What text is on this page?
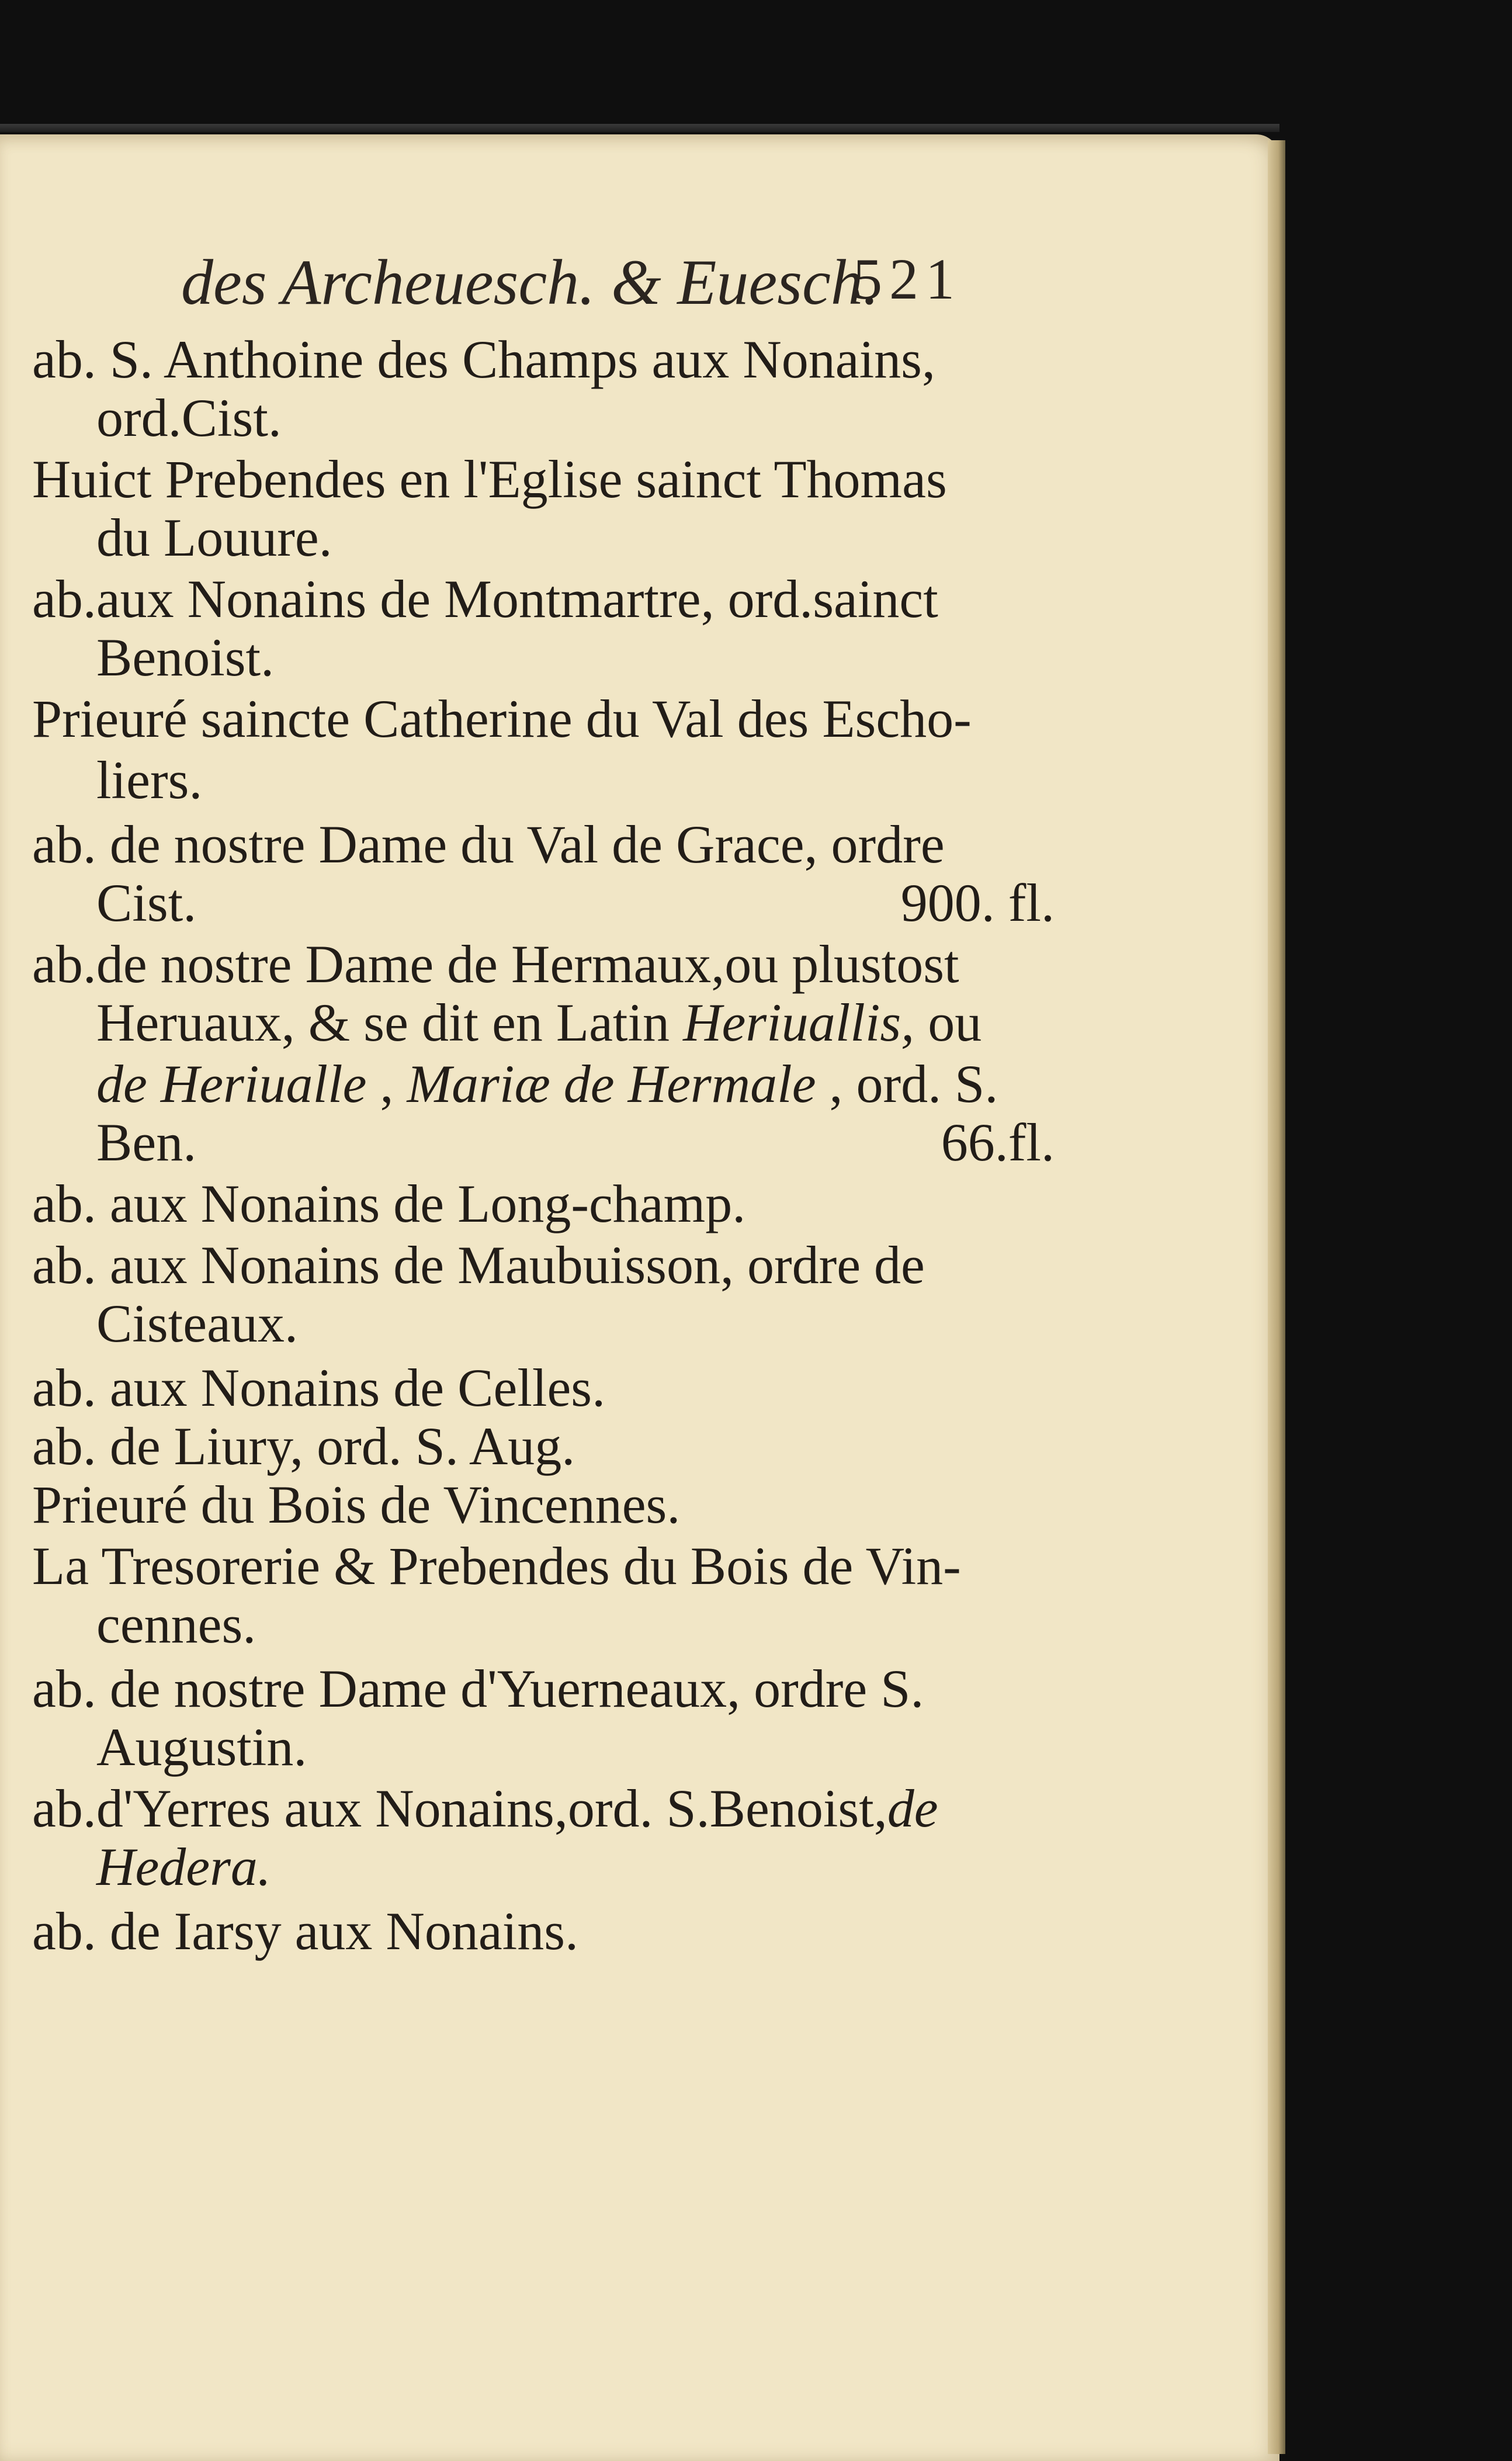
des Archeuesch. & Euesch.
521
ab. S. Anthoine des Champs aux Nonains,
ord.Cist.
Huict Prebendes en l'Eglise sainct Thomas
du Louure.
ab.aux Nonains de Montmartre, ord.sainct
Benoist.
Prieuré saincte Catherine du Val des Escho-
liers.
ab. de nostre Dame du Val de Grace, ordre
Cist.	900. fl.
ab.de nostre Dame de Hermaux,ou plustost
Heruaux, & se dit en Latin Heriuallis, ou
de Heriualle , Mariæ de Hermale , ord. S.
Ben.	66.fl.
ab. aux Nonains de Long-champ.
ab. aux Nonains de Maubuisson, ordre de
Cisteaux.
ab. aux Nonains de Celles.
ab. de Liury, ord. S. Aug.
Prieuré du Bois de Vincennes.
La Tresorerie & Prebendes du Bois de Vin-
cennes.
ab. de nostre Dame d'Yuerneaux, ordre S.
Augustin.
ab.d'Yerres aux Nonains,ord. S.Benoist,de
Hedera.
ab. de Iarsy aux Nonains.
